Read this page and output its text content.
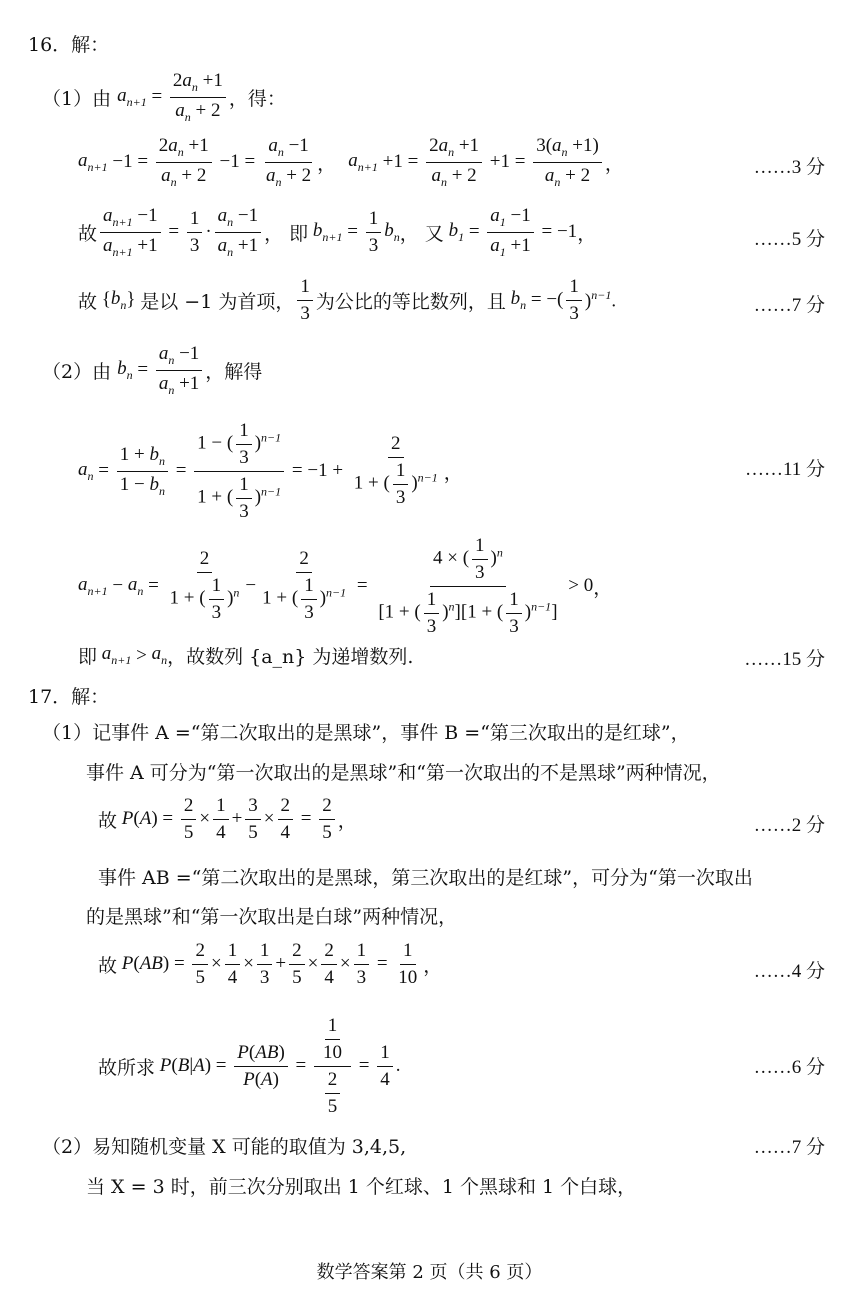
16．解：
（1）由 $a_{n+1} = \frac{2a_n +1}{a_n + 2}$ ，得：
$a_{n+1} -1 = \frac{2a_n +1}{a_n + 2} -1 = \frac{a_n -1}{a_n + 2}$ ， $a_{n+1} +1 = \frac{2a_n +1}{a_n + 2} +1 = \frac{3(a_n +1)}{a_n + 2}$ ，	……3 分
故 $\frac{a_{n+1} -1}{a_{n+1} +1} = \frac{1}{3} \cdot \frac{a_n -1}{a_n +1}$ ， 即 $b_{n+1} = \frac{1}{3} b_n$ ， 又 $b_1 = \frac{a_1 -1}{a_1 +1} = -1$ ，	……5 分
故 { $b_n$ } 是以 −1 为首项， $\frac{1}{3}$ 为公比的等比数列，且 $b_n$ = −( $\frac{1}{3} )^{n-1}$.	……7 分
（2）由 $b_n = \frac{a_n -1}{a_n +1}$ ，解得
$a_n = \frac{1 + b_n}{1 - b_n} = \frac{1 - ( \frac{1}{3} )^{n-1}}{1 + ( \frac{1}{3} )^{n-1}} = -1 + \frac{2}{1 + ( \frac{1}{3} )^{n-1}}$ ，	……11 分
$a_{n+1} - a_n = \frac{2}{1 + ( \frac{1}{3} )^n} - \frac{2}{1 + ( \frac{1}{3} )^{n-1}} = \frac{4 \times ( \frac{1}{3} )^n}{[1 + ( \frac{1}{3} )^n][1 + ( \frac{1}{3} )^{n-1}]} > 0$ ，
即 $a_{n+1} > a_n$ ，故数列 {a_n} 为递增数列.	……15 分
17．解：
（1）记事件 A =“第二次取出的是黑球”，事件 B =“第三次取出的是红球”，
事件 A 可分为“第一次取出的是黑球”和“第一次取出的不是黑球”两种情况，
故 P ( A ) = $\frac{2}{5} \times \frac{1}{4} + \frac{3}{5} \times \frac{2}{4} = \frac{2}{5}$ ，	……2 分
事件 AB =“第二次取出的是黑球，第三次取出的是红球”，可分为“第一次取出
的是黑球”和“第一次取出是白球”两种情况，
故 P ( AB ) = $\frac{2}{5} \times \frac{1}{4} \times \frac{1}{3} + \frac{2}{5} \times \frac{2}{4} \times \frac{1}{3} = \frac{1}{10}$ ，	……4 分
故所求 P ( B | A ) = $\frac{P(AB)}{P(A)} = \frac{\frac{1}{10}}{\frac{2}{5}} = \frac{1}{4}$ .	……6 分
（2）易知随机变量 X 可能的取值为 3,4,5,	……7 分
当 X = 3 时，前三次分别取出 1 个红球、1 个黑球和 1 个白球，
数学答案第 2 页（共 6 页）
